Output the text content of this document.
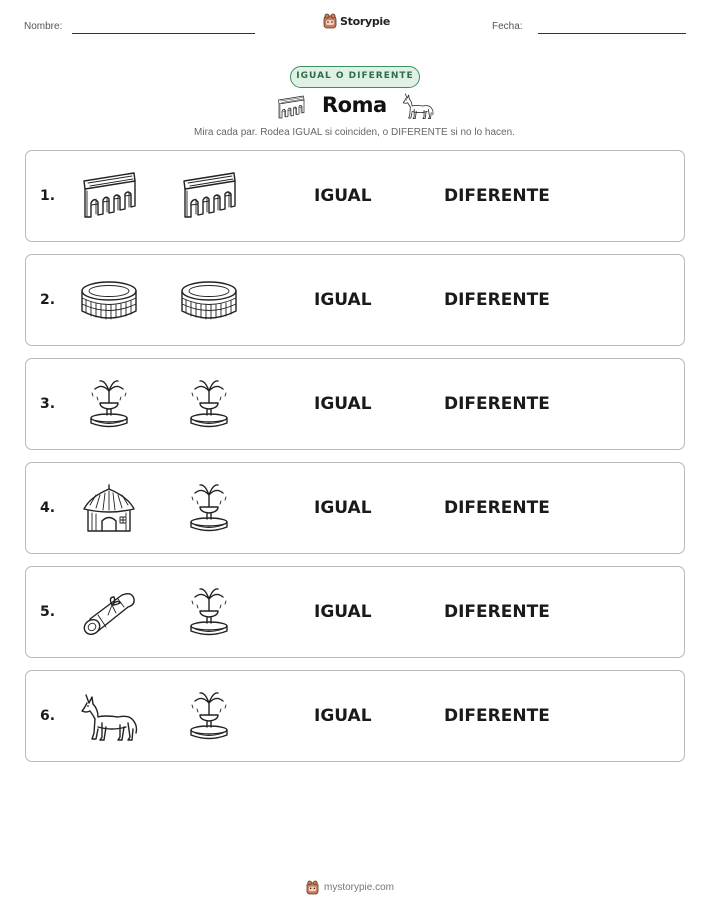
Nombre:	Storypie	Fecha:
IGUAL O DIFERENTE
Roma
Mira cada par. Rodea IGUAL si coinciden, o DIFERENTE si no lo hacen.
1.	IGUAL	DIFERENTE
2.	IGUAL	DIFERENTE
3.	IGUAL	DIFERENTE
4.	IGUAL	DIFERENTE
5.	IGUAL	DIFERENTE
6.	IGUAL	DIFERENTE
mystorypie.com
